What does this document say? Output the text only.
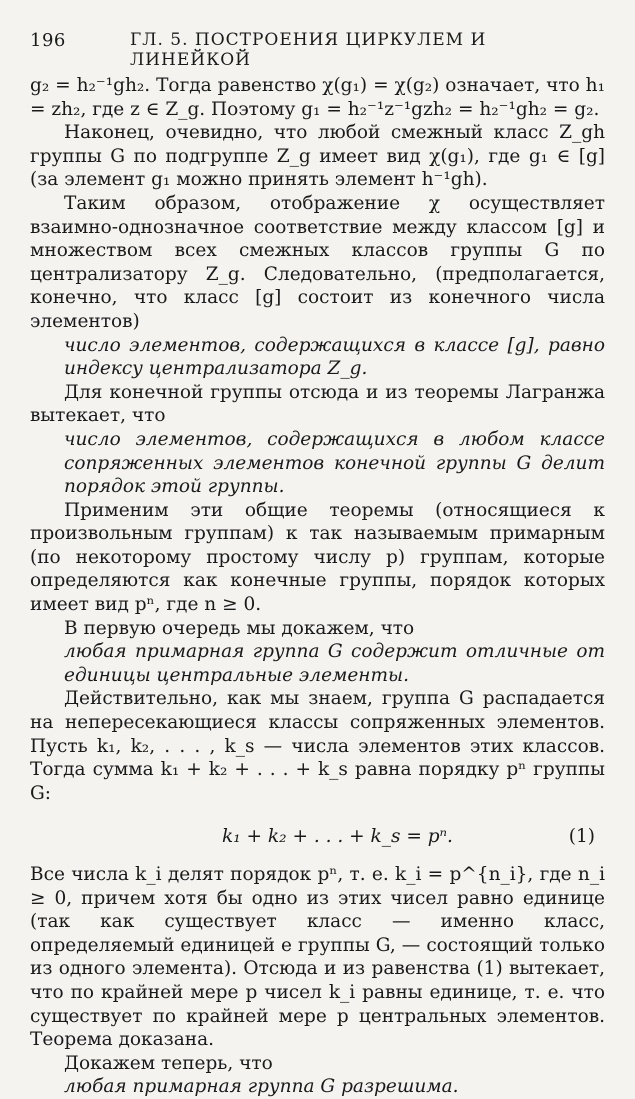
196	ГЛ. 5. ПОСТРОЕНИЯ ЦИРКУЛЕМ И ЛИНЕЙКОЙ

g₂ = h₂⁻¹gh₂. Тогда равенство χ(g₁) = χ(g₂) означает, что h₁ = zh₂, где z ∈ Z_g. Поэтому g₁ = h₂⁻¹z⁻¹gzh₂ = h₂⁻¹gh₂ = g₂.

Наконец, очевидно, что любой смежный класс Z_gh группы G по подгруппе Z_g имеет вид χ(g₁), где g₁ ∈ [g] (за элемент g₁ можно принять элемент h⁻¹gh).

Таким образом, отображение χ осуществляет взаимно-однозначное соответствие между классом [g] и множеством всех смежных классов группы G по централизатору Z_g. Следовательно, (предполагается, конечно, что класс [g] состоит из конечного числа элементов)

число элементов, содержащихся в классе [g], равно индексу централизатора Z_g.

Для конечной группы отсюда и из теоремы Лагранжа вытекает, что

число элементов, содержащихся в любом классе сопряженных элементов конечной группы G делит порядок этой группы.

Применим эти общие теоремы (относящиеся к произвольным группам) к так называемым примарным (по некоторому простому числу p) группам, которые определяются как конечные группы, порядок которых имеет вид pⁿ, где n ≥ 0.

В первую очередь мы докажем, что

любая примарная группа G содержит отличные от единицы центральные элементы.

Действительно, как мы знаем, группа G распадается на непересекающиеся классы сопряженных элементов. Пусть k₁, k₂, . . . , k_s — числа элементов этих классов. Тогда сумма k₁ + k₂ + . . . + k_s равна порядку pⁿ группы G:

k₁ + k₂ + . . . + k_s = pⁿ.	(1)

Все числа k_i делят порядок pⁿ, т. е. k_i = p^{n_i}, где n_i ≥ 0, причем хотя бы одно из этих чисел равно единице (так как существует класс — именно класс, определяемый единицей e группы G, — состоящий только из одного элемента). Отсюда и из равенства (1) вытекает, что по крайней мере p чисел k_i равны единице, т. е. что существует по крайней мере p центральных элементов. Теорема доказана.

Докажем теперь, что

любая примарная группа G разрешима.
